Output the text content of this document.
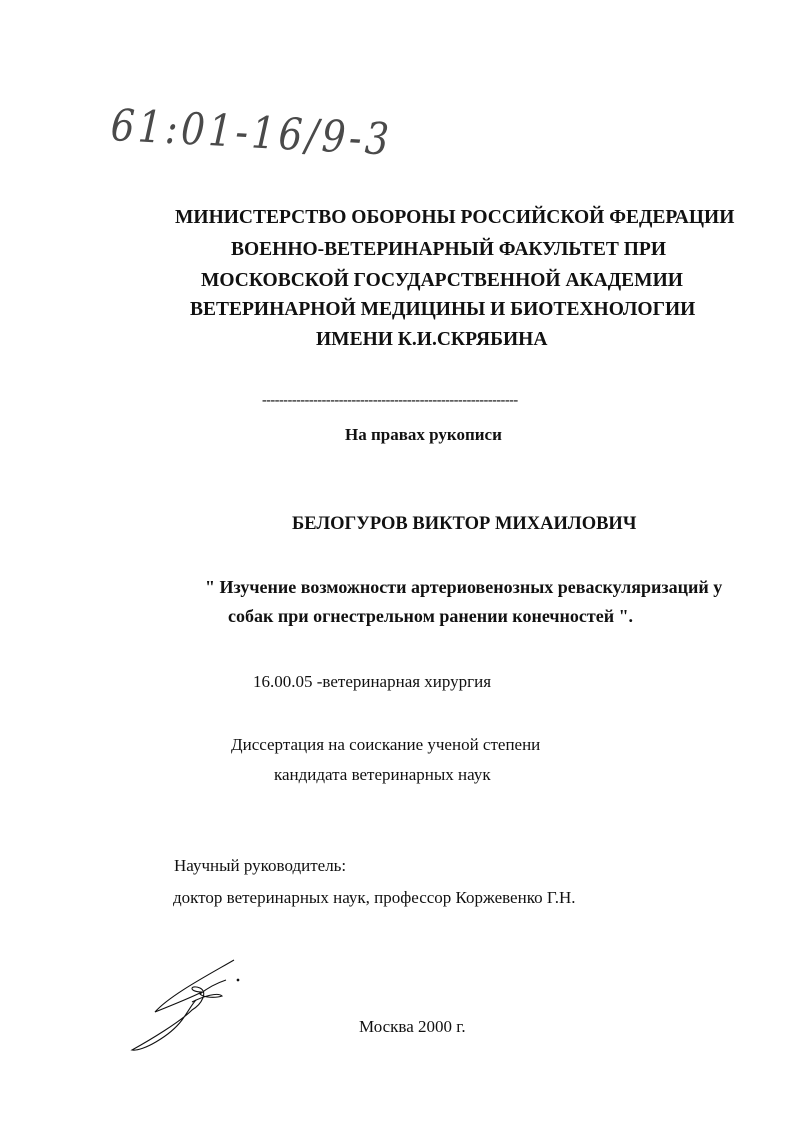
61:01-16/9-3
МИНИСТЕРСТВО ОБОРОНЫ РОССИЙСКОЙ ФЕДЕРАЦИИ
ВОЕННО-ВЕТЕРИНАРНЫЙ ФАКУЛЬТЕТ ПРИ
МОСКОВСКОЙ ГОСУДАРСТВЕННОЙ АКАДЕМИИ
ВЕТЕРИНАРНОЙ МЕДИЦИНЫ И БИОТЕХНОЛОГИИ
ИМЕНИ К.И.СКРЯБИНА
------------------------------------------------------------
На правах рукописи
БЕЛОГУРОВ ВИКТОР МИХАИЛОВИЧ
" Изучение возможности артериовенозных реваскуляризаций у
собак при огнестрельном ранении конечностей ".
16.00.05 -ветеринарная хирургия
Диссертация на соискание ученой степени
кандидата ветеринарных наук
Научный руководитель:
доктор ветеринарных наук, профессор Коржевенко Г.Н.
Москва 2000 г.
